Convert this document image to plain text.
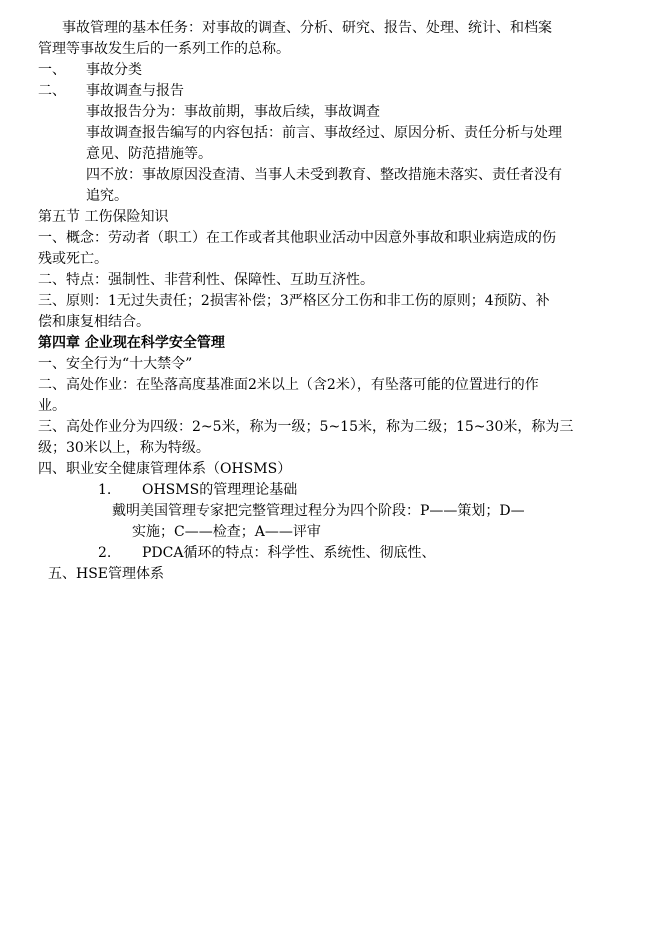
事故管理的基本任务：对事故的调查、分析、研究、报告、处理、统计、和档案
管理等事故发生后的一系列工作的总称。
一、 事故分类
二、 事故调查与报告
事故报告分为：事故前期，事故后续，事故调查
事故调查报告编写的内容包括：前言、事故经过、原因分析、责任分析与处理
意见、防范措施等。
四不放：事故原因没查清、当事人未受到教育、整改措施未落实、责任者没有
追究。
第五节 工伤保险知识
一、概念：劳动者（职工）在工作或者其他职业活动中因意外事故和职业病造成的伤
残或死亡。
二、特点：强制性、非营利性、保障性、互助互济性。
三、原则：1无过失责任；2损害补偿；3严格区分工伤和非工伤的原则；4预防、补
偿和康复相结合。
第四章 企业现在科学安全管理
一、安全行为“十大禁令”
二、高处作业：在坠落高度基准面2米以上（含2米），有坠落可能的位置进行的作
业。
三、高处作业分为四级：2~5米，称为一级；5~15米，称为二级；15~30米，称为三
级；30米以上，称为特级。
四、职业安全健康管理体系（OHSMS）
1. OHSMS的管理理论基础
戴明美国管理专家把完整管理过程分为四个阶段：P——策划；D—
实施；C——检查；A——评审
2. PDCA循环的特点：科学性、系统性、彻底性、
五、HSE管理体系
